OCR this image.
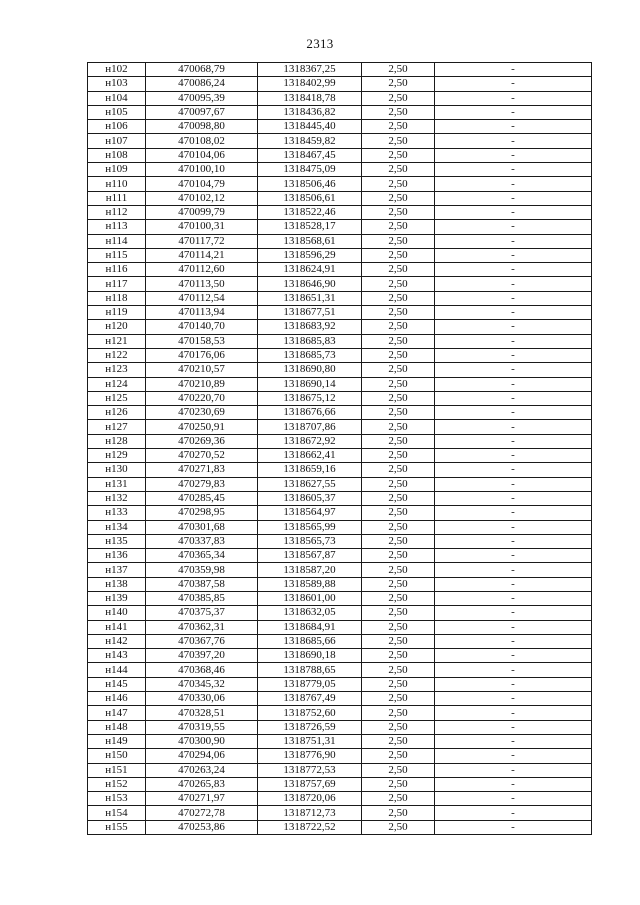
2313
н102	470068,79	1318367,25	2,50	-
н103	470086,24	1318402,99	2,50	-
н104	470095,39	1318418,78	2,50	-
н105	470097,67	1318436,82	2,50	-
н106	470098,80	1318445,40	2,50	-
н107	470108,02	1318459,82	2,50	-
н108	470104,06	1318467,45	2,50	-
н109	470100,10	1318475,09	2,50	-
н110	470104,79	1318506,46	2,50	-
н111	470102,12	1318506,61	2,50	-
н112	470099,79	1318522,46	2,50	-
н113	470100,31	1318528,17	2,50	-
н114	470117,72	1318568,61	2,50	-
н115	470114,21	1318596,29	2,50	-
н116	470112,60	1318624,91	2,50	-
н117	470113,50	1318646,90	2,50	-
н118	470112,54	1318651,31	2,50	-
н119	470113,94	1318677,51	2,50	-
н120	470140,70	1318683,92	2,50	-
н121	470158,53	1318685,83	2,50	-
н122	470176,06	1318685,73	2,50	-
н123	470210,57	1318690,80	2,50	-
н124	470210,89	1318690,14	2,50	-
н125	470220,70	1318675,12	2,50	-
н126	470230,69	1318676,66	2,50	-
н127	470250,91	1318707,86	2,50	-
н128	470269,36	1318672,92	2,50	-
н129	470270,52	1318662,41	2,50	-
н130	470271,83	1318659,16	2,50	-
н131	470279,83	1318627,55	2,50	-
н132	470285,45	1318605,37	2,50	-
н133	470298,95	1318564,97	2,50	-
н134	470301,68	1318565,99	2,50	-
н135	470337,83	1318565,73	2,50	-
н136	470365,34	1318567,87	2,50	-
н137	470359,98	1318587,20	2,50	-
н138	470387,58	1318589,88	2,50	-
н139	470385,85	1318601,00	2,50	-
н140	470375,37	1318632,05	2,50	-
н141	470362,31	1318684,91	2,50	-
н142	470367,76	1318685,66	2,50	-
н143	470397,20	1318690,18	2,50	-
н144	470368,46	1318788,65	2,50	-
н145	470345,32	1318779,05	2,50	-
н146	470330,06	1318767,49	2,50	-
н147	470328,51	1318752,60	2,50	-
н148	470319,55	1318726,59	2,50	-
н149	470300,90	1318751,31	2,50	-
н150	470294,06	1318776,90	2,50	-
н151	470263,24	1318772,53	2,50	-
н152	470265,83	1318757,69	2,50	-
н153	470271,97	1318720,06	2,50	-
н154	470272,78	1318712,73	2,50	-
н155	470253,86	1318722,52	2,50	-
